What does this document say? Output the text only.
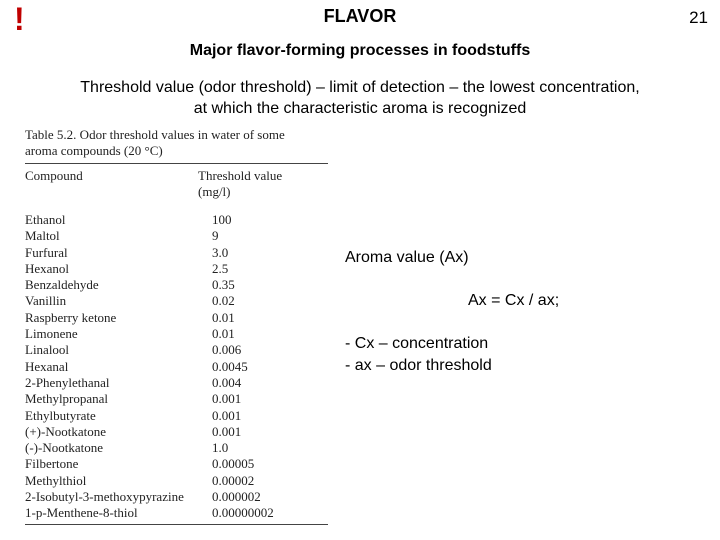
!	FLAVOR	21
Major flavor-forming processes in foodstuffs
Threshold value (odor threshold) – limit of detection – the lowest concentration,
at which the characteristic aroma is recognized
Table 5.2. Odor threshold values in water of some
aroma compounds (20 °C)
Compound	Threshold value
(mg/l)
Ethanol	100
Maltol	9
Furfural	3.0
Hexanol	2.5
Benzaldehyde	0.35
Vanillin	0.02
Raspberry ketone	0.01
Limonene	0.01
Linalool	0.006
Hexanal	0.0045
2-Phenylethanal	0.004
Methylpropanal	0.001
Ethylbutyrate	0.001
(+)-Nootkatone	0.001
(-)-Nootkatone	1.0
Filbertone	0.00005
Methylthiol	0.00002
2-Isobutyl-3-methoxypyrazine	0.000002
1-p-Menthene-8-thiol	0.00000002
Aroma value (Ax)
Ax = Cx / ax;
- Cx – concentration
- ax – odor threshold
